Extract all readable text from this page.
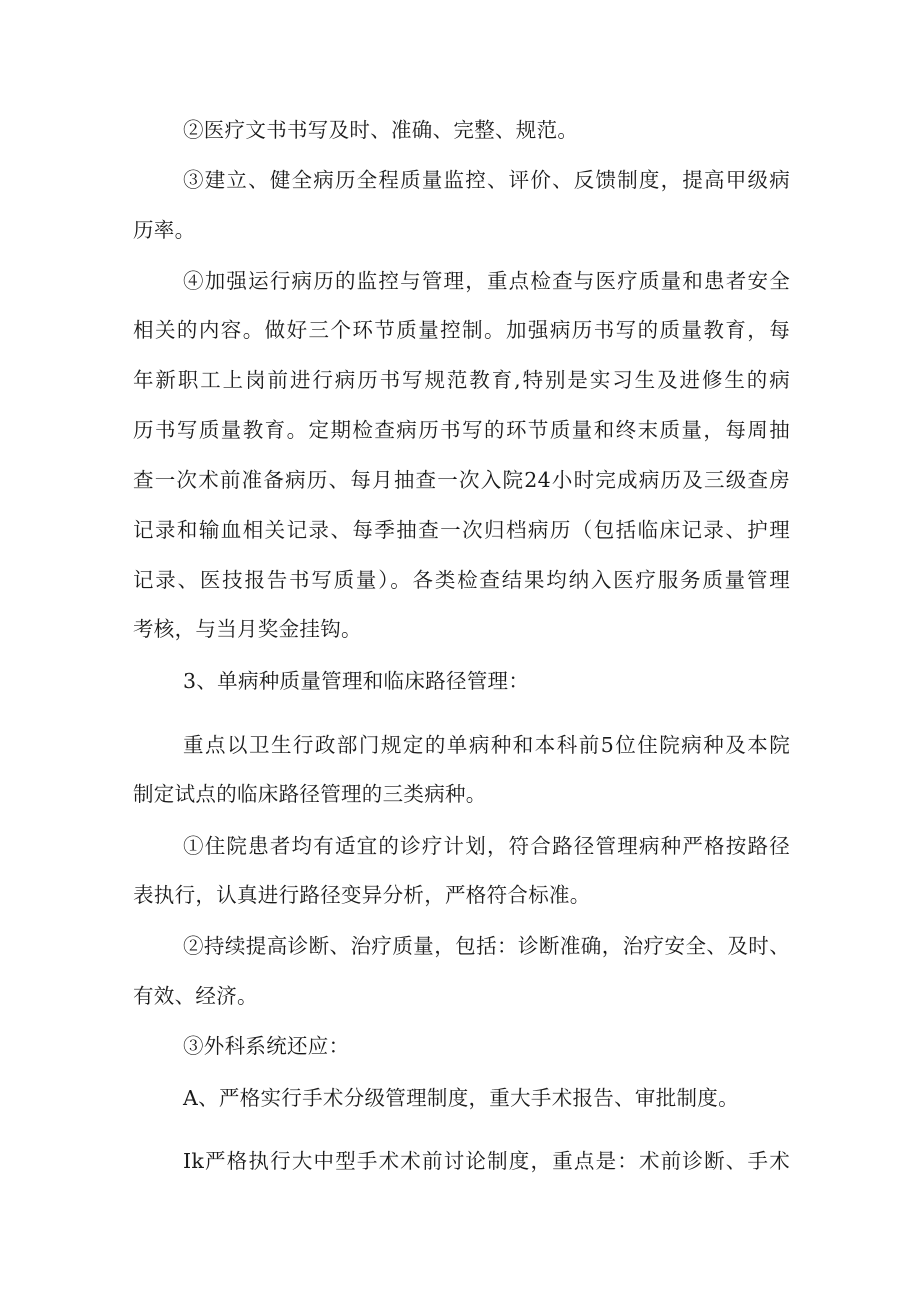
②医疗文书书写及时、准确、完整、规范。
③建立、健全病历全程质量监控、评价、反馈制度，提高甲级病
历率。
④加强运行病历的监控与管理，重点检查与医疗质量和患者安全
相关的内容。做好三个环节质量控制。加强病历书写的质量教育，每
年新职工上岗前进行病历书写规范教育,特别是实习生及进修生的病
历书写质量教育。定期检查病历书写的环节质量和终末质量，每周抽
查一次术前准备病历、每月抽查一次入院24小时完成病历及三级查房
记录和输血相关记录、每季抽查一次归档病历（包括临床记录、护理
记录、医技报告书写质量）。各类检查结果均纳入医疗服务质量管理
考核，与当月奖金挂钩。
3、单病种质量管理和临床路径管理：
重点以卫生行政部门规定的单病种和本科前5位住院病种及本院
制定试点的临床路径管理的三类病种。
①住院患者均有适宜的诊疗计划，符合路径管理病种严格按路径
表执行，认真进行路径变异分析，严格符合标准。
②持续提高诊断、治疗质量，包括：诊断准确，治疗安全、及时、
有效、经济。
③外科系统还应：
A、严格实行手术分级管理制度，重大手术报告、审批制度。
Ik严格执行大中型手术术前讨论制度，重点是：术前诊断、手术
